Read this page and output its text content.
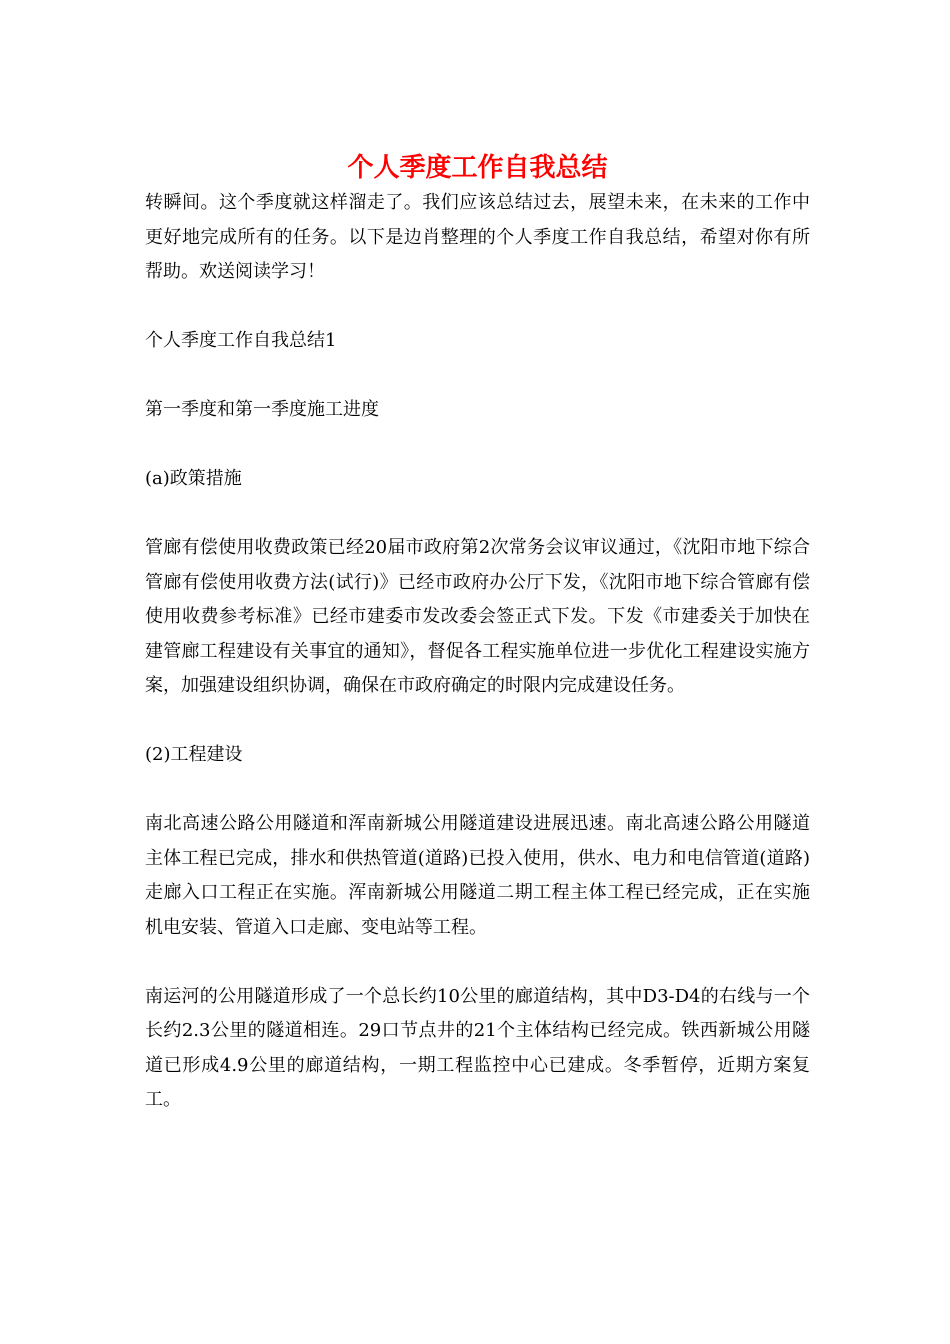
个人季度工作自我总结

转瞬间。这个季度就这样溜走了。我们应该总结过去，展望未来，在未来的工作中更好地完成所有的任务。以下是边肖整理的个人季度工作自我总结，希望对你有所帮助。欢送阅读学习！

个人季度工作自我总结1

第一季度和第一季度施工进度

(a)政策措施

管廊有偿使用收费政策已经20届市政府第2次常务会议审议通过，《沈阳市地下综合管廊有偿使用收费方法(试行)》已经市政府办公厅下发，《沈阳市地下综合管廊有偿使用收费参考标准》已经市建委市发改委会签正式下发。下发《市建委关于加快在建管廊工程建设有关事宜的通知》，督促各工程实施单位进一步优化工程建设实施方案，加强建设组织协调，确保在市政府确定的时限内完成建设任务。

(2)工程建设

南北高速公路公用隧道和浑南新城公用隧道建设进展迅速。南北高速公路公用隧道主体工程已完成，排水和供热管道(道路)已投入使用，供水、电力和电信管道(道路)走廊入口工程正在实施。浑南新城公用隧道二期工程主体工程已经完成，正在实施机电安装、管道入口走廊、变电站等工程。

南运河的公用隧道形成了一个总长约10公里的廊道结构，其中D3-D4的右线与一个长约2.3公里的隧道相连。29口节点井的21个主体结构已经完成。铁西新城公用隧道已形成4.9公里的廊道结构，一期工程监控中心已建成。冬季暂停，近期方案复工。
